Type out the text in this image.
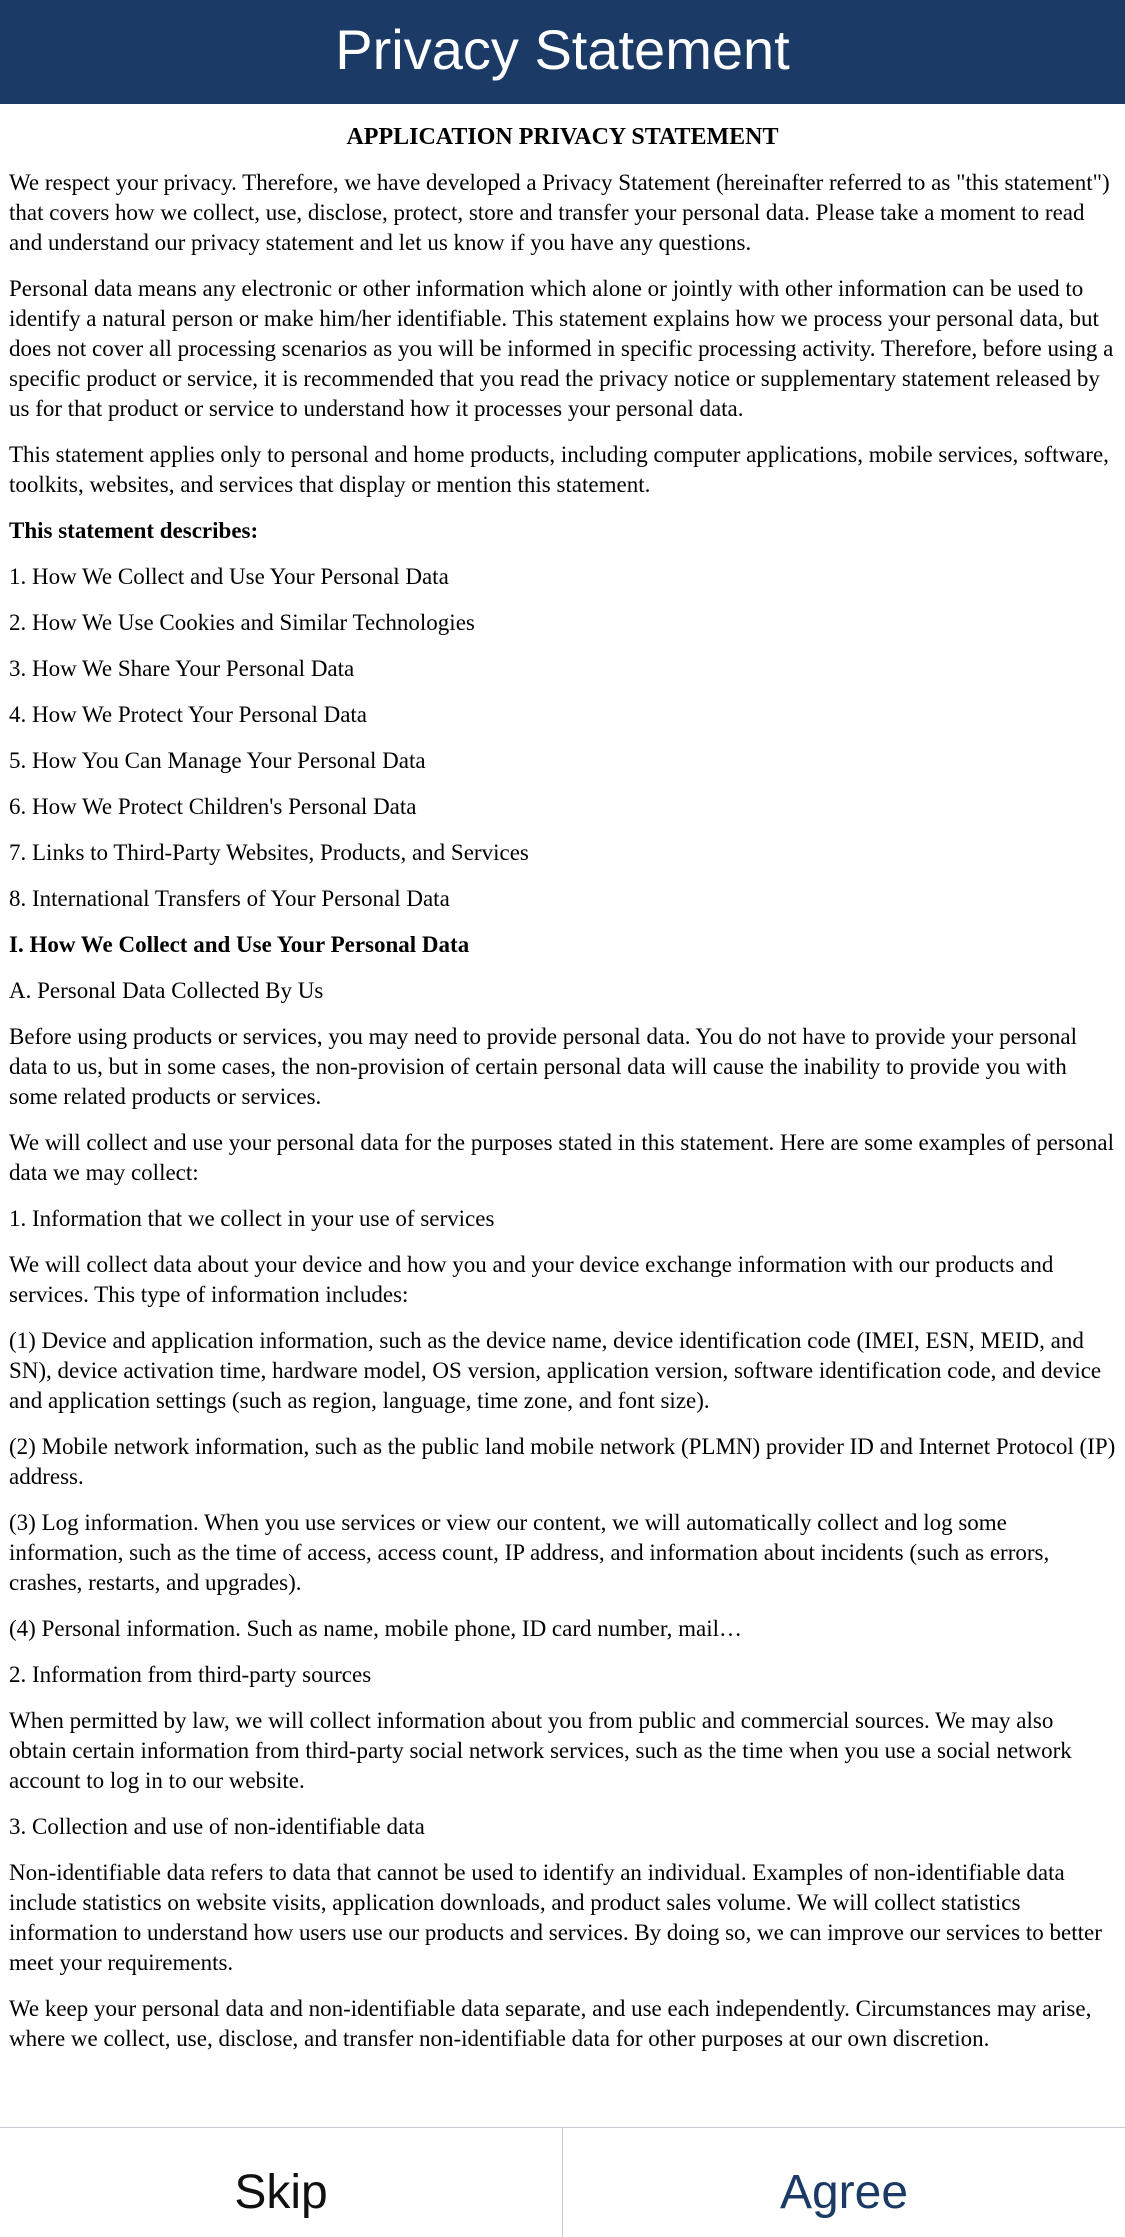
Privacy Statement

APPLICATION PRIVACY STATEMENT

We respect your privacy. Therefore, we have developed a Privacy Statement (hereinafter referred to as "this statement") that covers how we collect, use, disclose, protect, store and transfer your personal data. Please take a moment to read and understand our privacy statement and let us know if you have any questions.

Personal data means any electronic or other information which alone or jointly with other information can be used to identify a natural person or make him/her identifiable. This statement explains how we process your personal data, but does not cover all processing scenarios as you will be informed in specific processing activity. Therefore, before using a specific product or service, it is recommended that you read the privacy notice or supplementary statement released by us for that product or service to understand how it processes your personal data.

This statement applies only to personal and home products, including computer applications, mobile services, software, toolkits, websites, and services that display or mention this statement.

This statement describes:

1. How We Collect and Use Your Personal Data

2. How We Use Cookies and Similar Technologies

3. How We Share Your Personal Data

4. How We Protect Your Personal Data

5. How You Can Manage Your Personal Data

6. How We Protect Children's Personal Data

7. Links to Third-Party Websites, Products, and Services

8. International Transfers of Your Personal Data

I. How We Collect and Use Your Personal Data

A. Personal Data Collected By Us

Before using products or services, you may need to provide personal data. You do not have to provide your personal data to us, but in some cases, the non-provision of certain personal data will cause the inability to provide you with some related products or services.

We will collect and use your personal data for the purposes stated in this statement. Here are some examples of personal data we may collect:

1. Information that we collect in your use of services

We will collect data about your device and how you and your device exchange information with our products and services. This type of information includes:

(1) Device and application information, such as the device name, device identification code (IMEI, ESN, MEID, and SN), device activation time, hardware model, OS version, application version, software identification code, and device and application settings (such as region, language, time zone, and font size).

(2) Mobile network information, such as the public land mobile network (PLMN) provider ID and Internet Protocol (IP) address.

(3) Log information. When you use services or view our content, we will automatically collect and log some information, such as the time of access, access count, IP address, and information about incidents (such as errors, crashes, restarts, and upgrades).

(4) Personal information. Such as name, mobile phone, ID card number, mail…

2. Information from third-party sources

When permitted by law, we will collect information about you from public and commercial sources. We may also obtain certain information from third-party social network services, such as the time when you use a social network account to log in to our website.

3. Collection and use of non-identifiable data

Non-identifiable data refers to data that cannot be used to identify an individual. Examples of non-identifiable data include statistics on website visits, application downloads, and product sales volume. We will collect statistics information to understand how users use our products and services. By doing so, we can improve our services to better meet your requirements.

We keep your personal data and non-identifiable data separate, and use each independently. Circumstances may arise, where we collect, use, disclose, and transfer non-identifiable data for other purposes at our own discretion.

Skip	Agree
